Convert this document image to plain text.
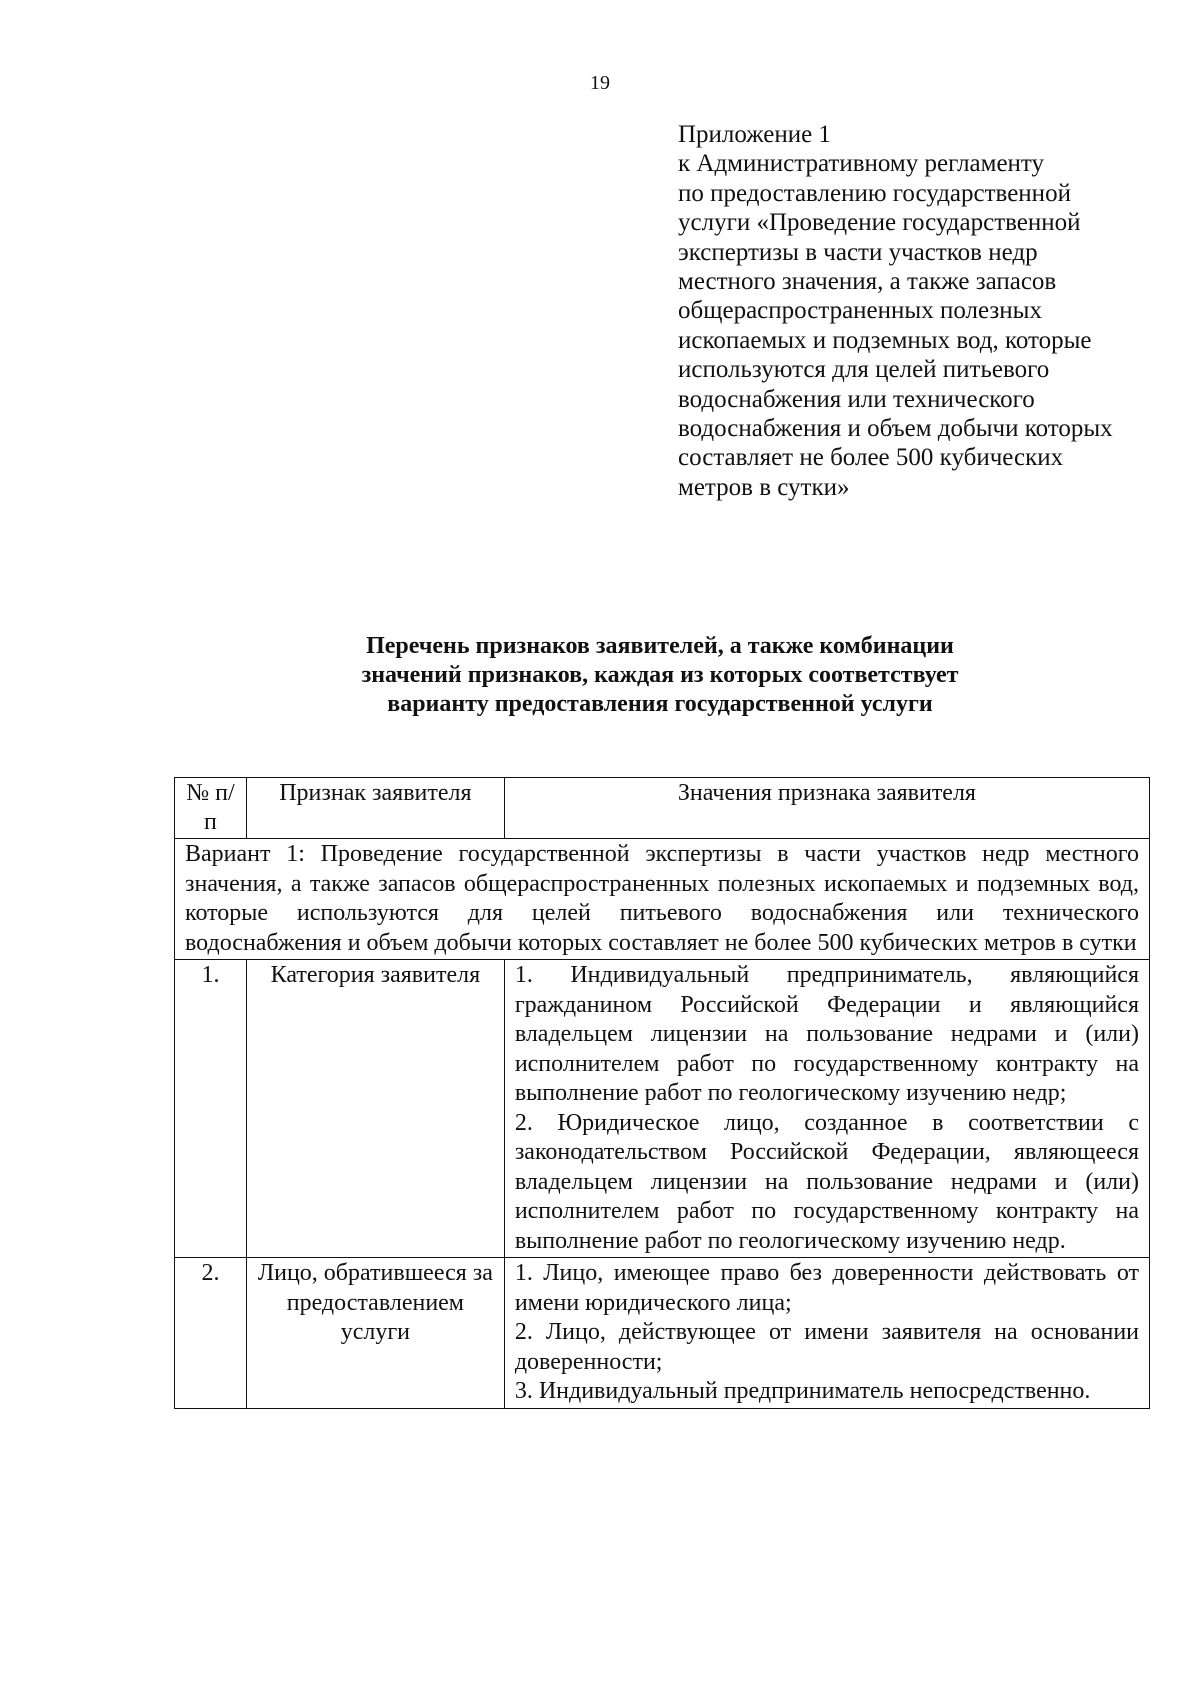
19
Приложение 1
к Административному регламенту
по предоставлению государственной
услуги «Проведение государственной
экспертизы в части участков недр
местного значения, а также запасов
общераспространенных полезных
ископаемых и подземных вод, которые
используются для целей питьевого
водоснабжения или технического
водоснабжения и объем добычи которых
составляет не более 500 кубических
метров в сутки»
Перечень признаков заявителей, а также комбинации
значений признаков, каждая из которых соответствует
варианту предоставления государственной услуги
№ п/п	Признак заявителя	Значения признака заявителя
Вариант 1: Проведение государственной экспертизы в части участков недр местного значения, а также запасов общераспространенных полезных ископаемых и подземных вод, которые используются для целей питьевого водоснабжения или технического водоснабжения и объем добычи которых составляет не более 500 кубических метров в сутки		
1.	Категория заявителя	1. Индивидуальный предприниматель, являющийся гражданином Российской Федерации и являющийся владельцем лицензии на пользование недрами и (или) исполнителем работ по государственному контракту на выполнение работ по геологическому изучению недр;

2. Юридическое лицо, созданное в соответствии с законодательством Российской Федерации, являющееся владельцем лицензии на пользование недрами и (или) исполнителем работ по государственному контракту на выполнение работ по геологическому изучению недр.

2.	Лицо, обратившееся за предоставлением услуги	1. Лицо, имеющее право без доверенности действовать от имени юридического лица;

2. Лицо, действующее от имени заявителя на основании доверенности;

3. Индивидуальный предприниматель непосредственно.
